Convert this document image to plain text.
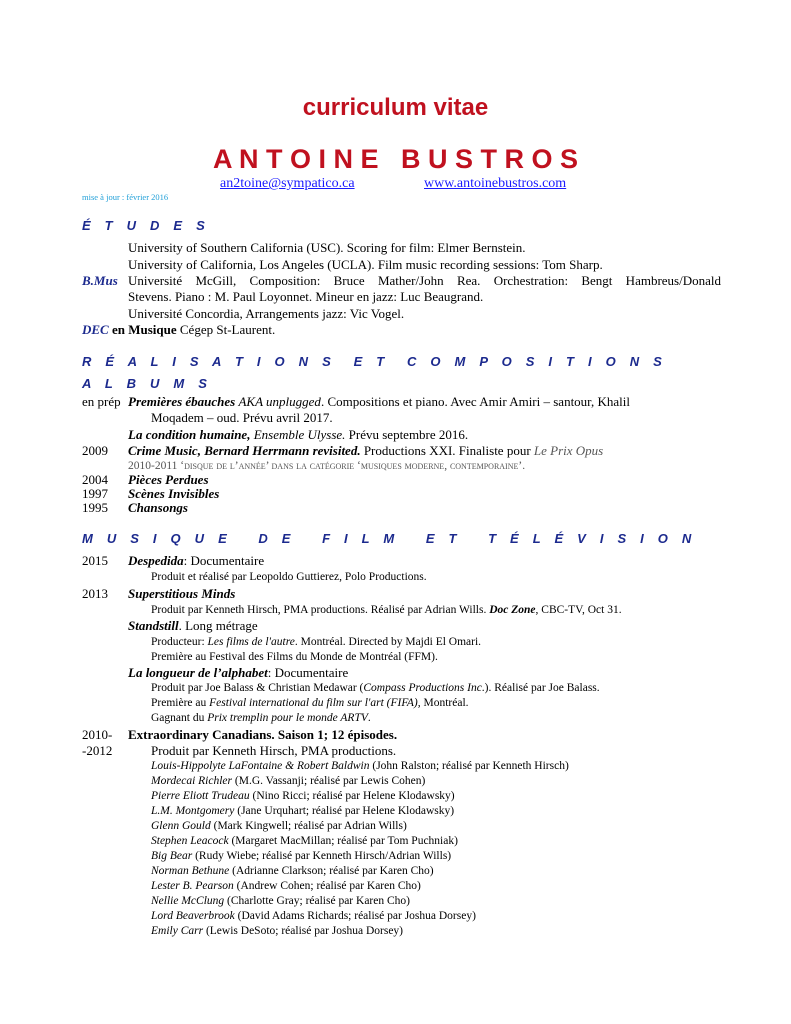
curriculum vitae
A N T O I N E   B U S T R O S
an2toine@sympatico.ca	www.antoinebustros.com
mise à jour : février 2016
É T U D E S
University of Southern California (USC). Scoring for film: Elmer Bernstein.
University of California, Los Angeles (UCLA). Film music recording sessions: Tom Sharp.
B.Mus Université McGill, Composition: Bruce Mather/John Rea. Orchestration: Bengt Hambreus/Donald
Stevens. Piano : M. Paul Loyonnet. Mineur en jazz: Luc Beaugrand.
Université Concordia, Arrangements jazz: Vic Vogel.
DEC en Musique Cégep St-Laurent.
R É A L I S A T I O N S  E T  C O M P O S I T I O N S
A L B U M S
en prép Premières ébauches AKA unplugged. Compositions et piano. Avec Amir Amiri – santour, Khalil
Moqadem – oud. Prévu avril 2017.
La condition humaine, Ensemble Ulysse. Prévu septembre 2016.
2009 Crime Music, Bernard Herrmann revisited. Productions XXI. Finaliste pour Le Prix Opus
2010-2011 ‘disque de l’année’ dans la catégorie ‘musiques moderne, contemporaine’.
2004 Pièces Perdues
1997 Scènes Invisibles
1995 Chansongs
M U S I Q U E   D E   F I L M   E T   T É L É V I S I O N
2015 Despedida: Documentaire
Produit et réalisé par Leopoldo Guttierez, Polo Productions.
2013 Superstitious Minds
Produit par Kenneth Hirsch, PMA productions. Réalisé par Adrian Wills. Doc Zone, CBC-TV, Oct 31.
Standstill. Long métrage
Producteur: Les films de l'autre. Montréal. Directed by Majdi El Omari.
Première au Festival des Films du Monde de Montréal (FFM).
La longueur de l’alphabet: Documentaire
Produit par Joe Balass & Christian Medawar (Compass Productions Inc.). Réalisé par Joe Balass.
Première au Festival international du film sur l'art (FIFA), Montréal.
Gagnant du Prix tremplin pour le monde ARTV.
2010-
-2012
Extraordinary Canadians. Saison 1; 12 épisodes.
Produit par Kenneth Hirsch, PMA productions.
Louis-Hippolyte LaFontaine & Robert Baldwin (John Ralston; réalisé par Kenneth Hirsch)
Mordecai Richler (M.G. Vassanji; réalisé par Lewis Cohen)
Pierre Eliott Trudeau (Nino Ricci; réalisé par Helene Klodawsky)
L.M. Montgomery (Jane Urquhart; réalisé par Helene Klodawsky)
Glenn Gould (Mark Kingwell; réalisé par Adrian Wills)
Stephen Leacock (Margaret MacMillan; réalisé par Tom Puchniak)
Big Bear (Rudy Wiebe; réalisé par Kenneth Hirsch/Adrian Wills)
Norman Bethune (Adrianne Clarkson; réalisé par Karen Cho)
Lester B. Pearson (Andrew Cohen; réalisé par Karen Cho)
Nellie McClung (Charlotte Gray; réalisé par Karen Cho)
Lord Beaverbrook (David Adams Richards; réalisé par Joshua Dorsey)
Emily Carr (Lewis DeSoto; réalisé par Joshua Dorsey)
